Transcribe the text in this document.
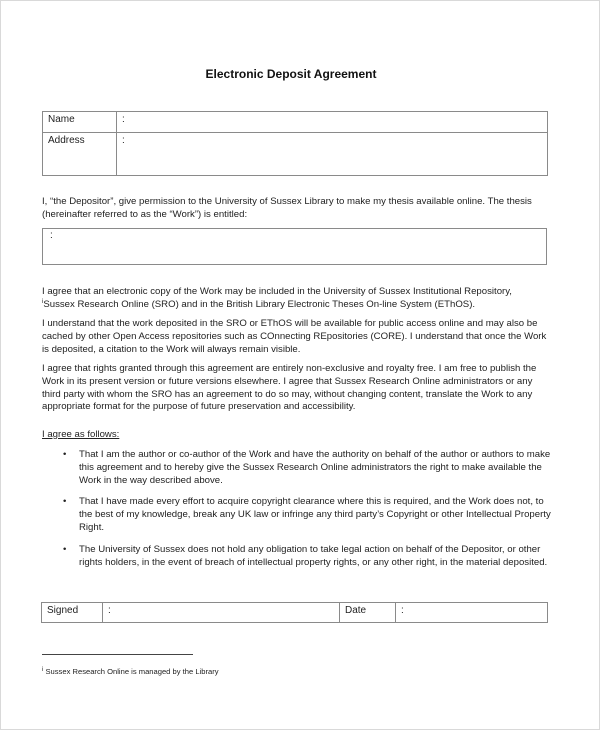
Electronic Deposit Agreement
Name	:
Address	:

I, “the Depositor”, give permission to the University of Sussex Library to make my thesis available online. The thesis (hereinafter referred to as the “Work”) is entitled:

:

I agree that an electronic copy of the Work may be included in the University of Sussex Institutional Repository,
$^i$Sussex Research Online (SRO) and in the British Library Electronic Theses On-line System (EThOS).

I understand that the work deposited in the SRO or EThOS will be available for public access online and may also be cached by other Open Access repositories such as COnnecting REpositories (CORE). I understand that once the Work is deposited, a citation to the Work will always remain visible.

I agree that rights granted through this agreement are entirely non-exclusive and royalty free. I am free to publish the Work in its present version or future versions elsewhere. I agree that Sussex Research Online administrators or any third party with whom the SRO has an agreement to do so may, without changing content, translate the Work to any appropriate format for the purpose of future preservation and accessibility.

I agree as follows:
• That I am the author or co-author of the Work and have the authority on behalf of the author or authors to make this agreement and to hereby give the Sussex Research Online administrators the right to make available the Work in the way described above.
• That I have made every effort to acquire copyright clearance where this is required, and the Work does not, to the best of my knowledge, break any UK law or infringe any third party’s Copyright or other Intellectual Property Right.
• The University of Sussex does not hold any obligation to take legal action on behalf of the Depositor, or other rights holders, in the event of breach of intellectual property rights, or any other right, in the material deposited.
Signed	:	Date	:
$^i$ Sussex Research Online is managed by the Library
